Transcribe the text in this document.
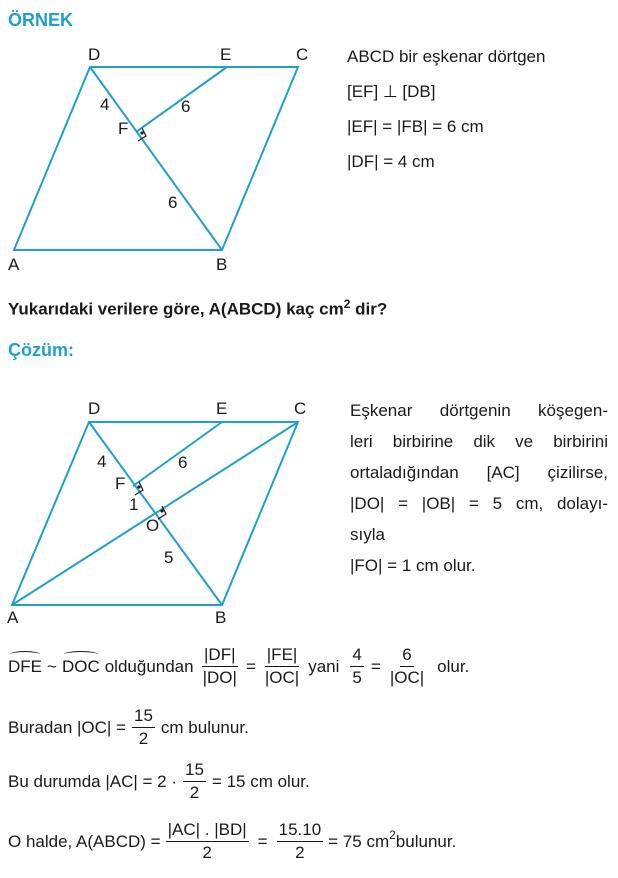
ÖRNEK
D	E	C
F
A	B
4	6
6
ABCD bir eşkenar dörtgen
[EF] ⊥ [DB]
|EF| = |FB| = 6 cm
|DF| = 4 cm
Yukarıdaki verilere göre, A(ABCD) kaç $cm^2$ dir?
Çözüm:
D	E	C
F
O
A	B
4	6
1
5
Eşkenar dörtgenin köşegen-
leri birbirine dik ve birbirini
ortaladığından [AC] çizilirse,
|DO| = |OB| = 5 cm, dolayı-
sıyla
|FO| = 1 cm olur.
DFE ~ DOC olduğundan $\frac{|DF|}{|DO|} = \frac{|FE|}{|OC|}$ yani $\frac{4}{5} = \frac{6}{|OC|}$ olur.
Buradan $|OC| = \frac{15}{2}$ cm bulunur.
Bu durumda $|AC| = 2 \cdot \frac{15}{2} = 15$ cm olur.
O halde, A(ABCD) = $\frac{|AC| . |BD|}{2} = \frac{15.10}{2} = 75$ $cm^2$ bulunur.
